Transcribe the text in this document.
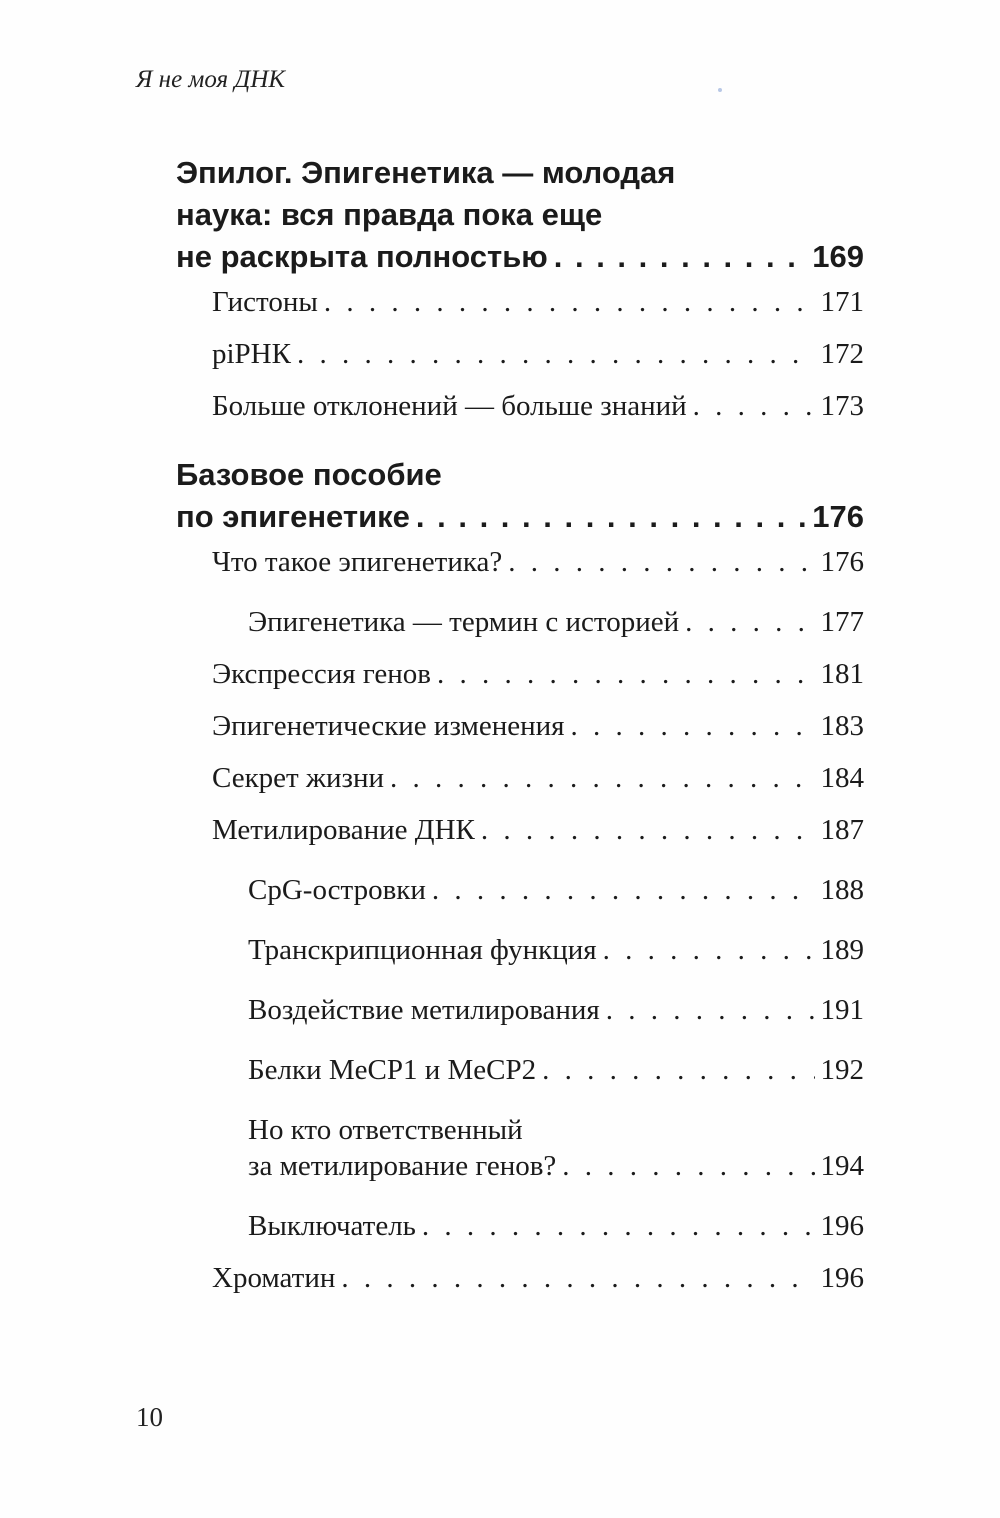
Я не моя ДНК
Эпилог. Эпигенетика — молодая
наука: вся правда пока еще
не раскрыта полностью . . .	169
Гистоны . . .	171
piРНК . . .	172
Больше отклонений — больше знаний . . .	173
Базовое пособие
по эпигенетике . . .	176
Что такое эпигенетика? . . .	176
Эпигенетика — термин с историей . . .	177
Экспрессия генов . . .	181
Эпигенетические изменения . . .	183
Секрет жизни . . .	184
Метилирование ДНК . . .	187
CpG-островки . . .	188
Транскрипционная функция . . .	189
Воздействие метилирования . . .	191
Белки MeCP1 и MeCP2 . . .	192
Но кто ответственный
за метилирование генов? . . .	194
Выключатель . . .	196
Хроматин . . .	196
10
